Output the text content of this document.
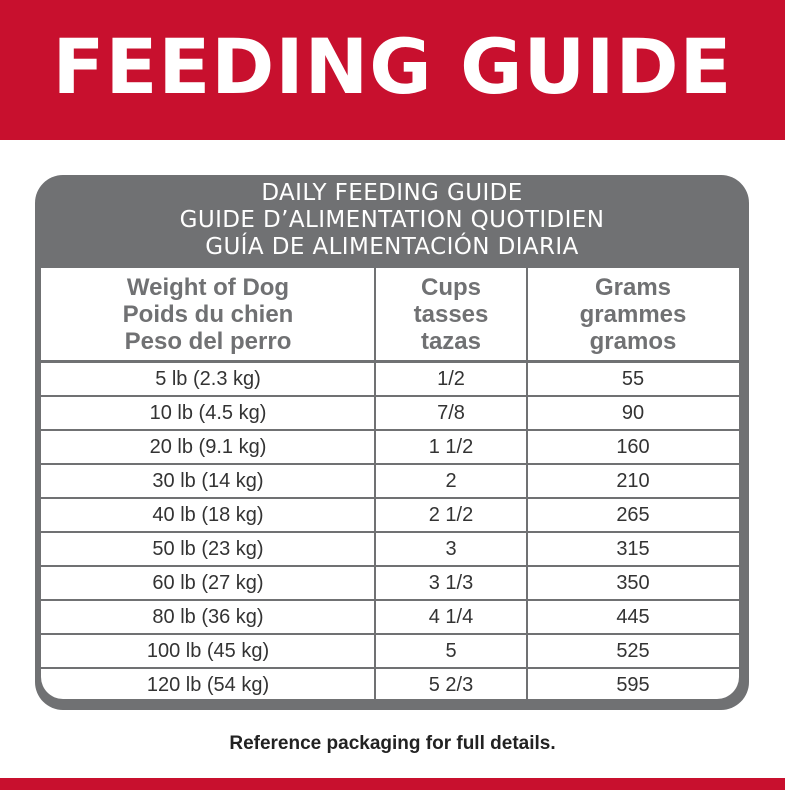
FEEDING GUIDE
DAILY FEEDING GUIDE
GUIDE D’ALIMENTATION QUOTIDIEN
GUÍA DE ALIMENTACIÓN DIARIA
Weight of Dog
Poids du chien
Peso del perro
Cups
tasses
tazas
Grams
grammes
gramos
5 lb (2.3 kg)	1/2	55
10 lb (4.5 kg)	7/8	90
20 lb (9.1 kg)	1 1/2	160
30 lb (14 kg)	2	210
40 lb (18 kg)	2 1/2	265
50 lb (23 kg)	3	315
60 lb (27 kg)	3 1/3	350
80 lb (36 kg)	4 1/4	445
100 lb (45 kg)	5	525
120 lb (54 kg)	5 2/3	595
Reference packaging for full details.
